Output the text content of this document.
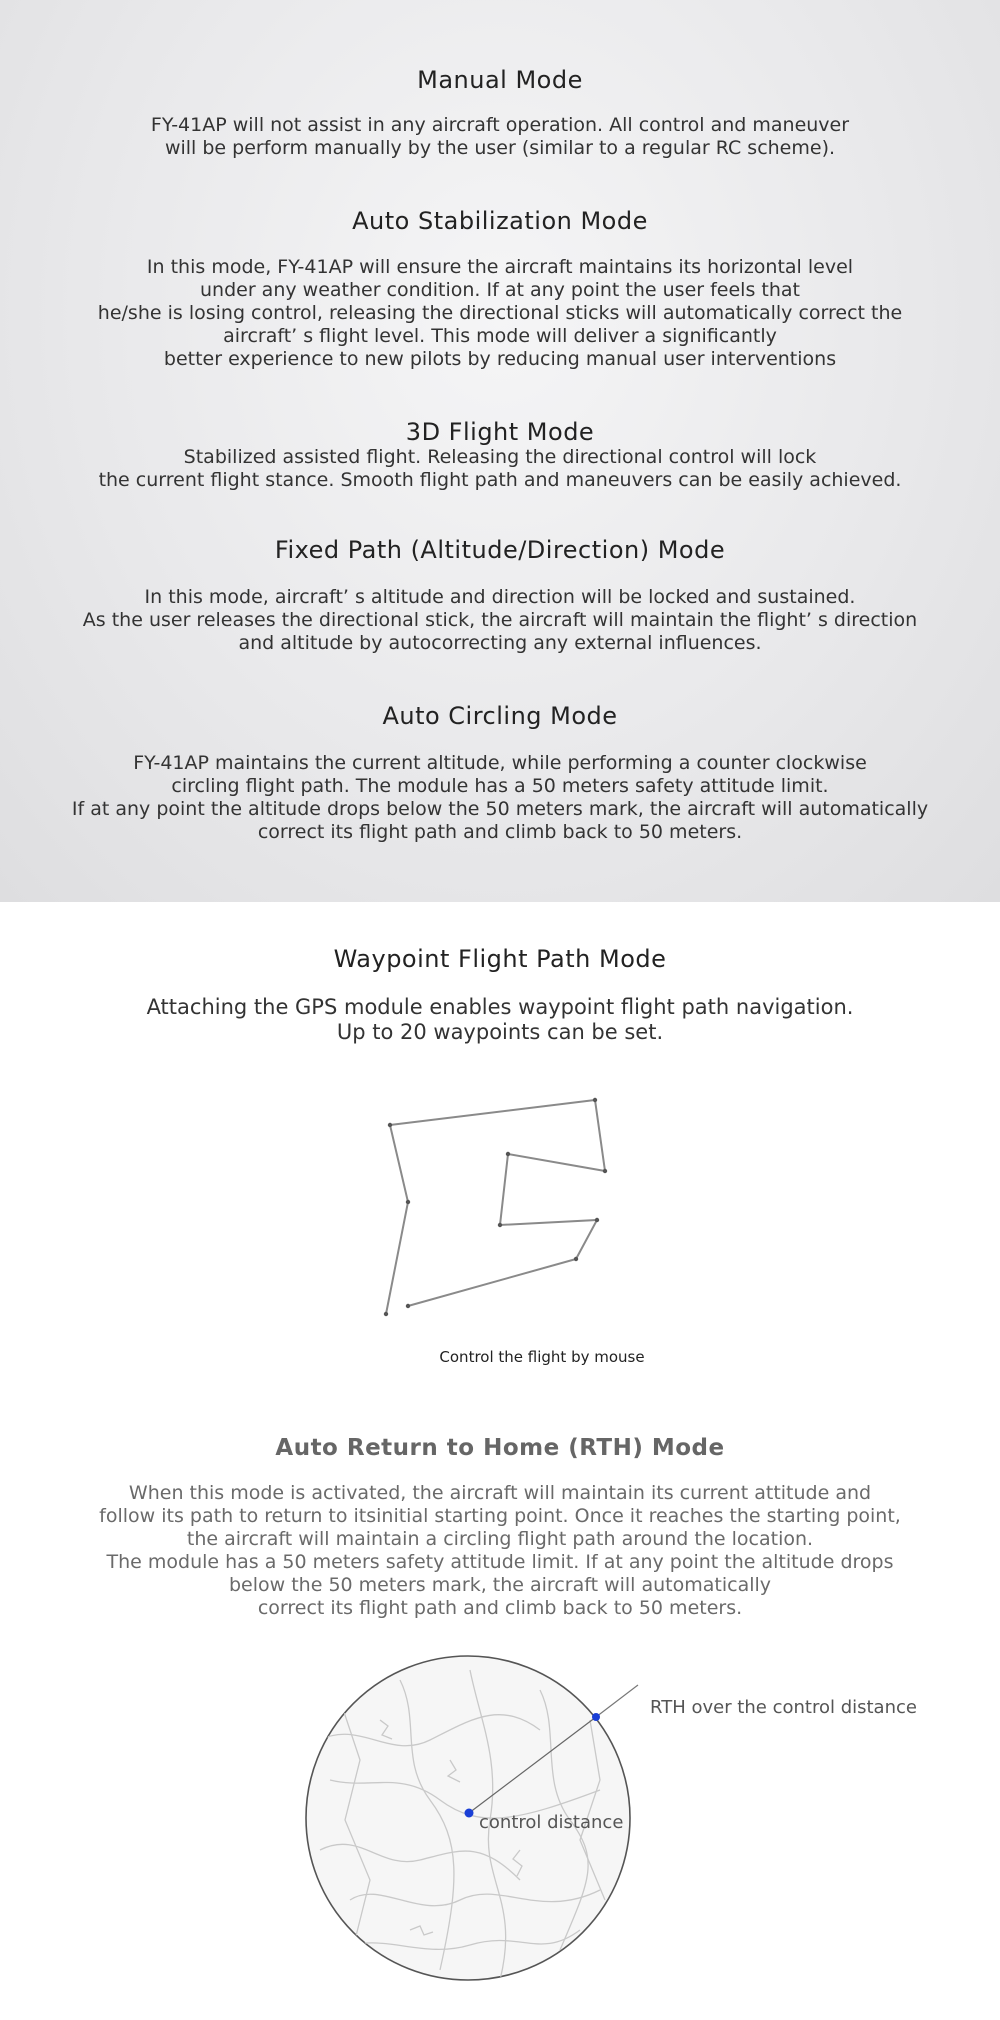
Manual Mode

FY-41AP will not assist in any aircraft operation. All control and maneuver
will be perform manually by the user (similar to a regular RC scheme).

Auto Stabilization Mode

In this mode, FY-41AP will ensure the aircraft maintains its horizontal level
under any weather condition. If at any point the user feels that
he/she is losing control, releasing the directional sticks will automatically correct the
aircraft’ s flight level. This mode will deliver a significantly
better experience to new pilots by reducing manual user interventions

3D Flight Mode

Stabilized assisted flight. Releasing the directional control will lock
the current flight stance. Smooth flight path and maneuvers can be easily achieved.

Fixed Path (Altitude/Direction) Mode

In this mode, aircraft’ s altitude and direction will be locked and sustained.
As the user releases the directional stick, the aircraft will maintain the flight’ s direction
and altitude by autocorrecting any external influences.

Auto Circling Mode

FY-41AP maintains the current altitude, while performing a counter clockwise
circling flight path. The module has a 50 meters safety attitude limit.
If at any point the altitude drops below the 50 meters mark, the aircraft will automatically
correct its flight path and climb back to 50 meters.

Waypoint Flight Path Mode

Attaching the GPS module enables waypoint flight path navigation.
Up to 20 waypoints can be set.

Control the flight by mouse
Auto Return to Home (RTH) Mode

When this mode is activated, the aircraft will maintain its current attitude and
follow its path to return to itsinitial starting point. Once it reaches the starting point,
the aircraft will maintain a circling flight path around the location.
The module has a 50 meters safety attitude limit. If at any point the altitude drops
below the 50 meters mark, the aircraft will automatically
correct its flight path and climb back to 50 meters.

RTH over the control distance
control distance
